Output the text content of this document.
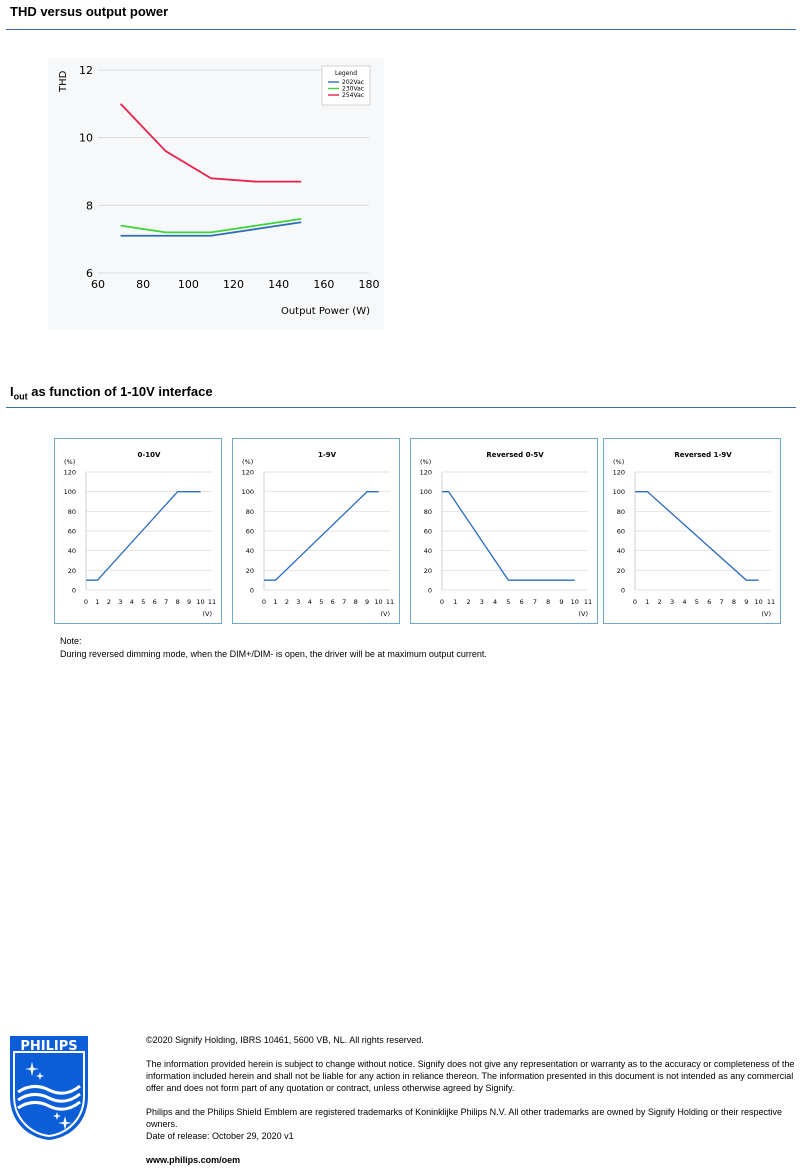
THD versus output power
6
8
10
12
60	80	100 120 140 160 180
THD
Output Power (W)
Legend
202Vac
230Vac
254Vac
$I_{out}$ as function of 1-10V interface
0-10V
(%)
0
20
40
60
80
100
120
0 1 2 3 4 5 6 7 8 9 10 11
(V)
1-9V
(%)
0
20
40
60
80
100
120
0 1 2 3 4 5 6 7 8 9 10 11
(V)
Reversed 0-5V
(%)
0
20
40
60
80
100
120
0 1 2 3 4 5 6 7 8 9 10 11
(V)
Reversed 1-9V
(%)
0
20
40
60
80
100
120
0 1 2 3 4 5 6 7 8 9 10 11
(V)
Note:
During reversed dimming mode, when the DIM+/DIM- is open, the driver will be at maximum output current.
PHILIPS	©2020 Signify Holding, IBRS 10461, 5600 VB, NL. All rights reserved.

The information provided herein is subject to change without notice. Signify does not give any representation or warranty as to the accuracy or completeness of the information included herein and shall not be liable for any action in reliance thereon. The information presented in this document is not intended as any commercial offer and does not form part of any quotation or contract, unless otherwise agreed by Signify.

Philips and the Philips Shield Emblem are registered trademarks of Koninklijke Philips N.V. All other trademarks are owned by Signify Holding or their respective owners.

Date of release: October 29, 2020 v1

www.philips.com/oem
